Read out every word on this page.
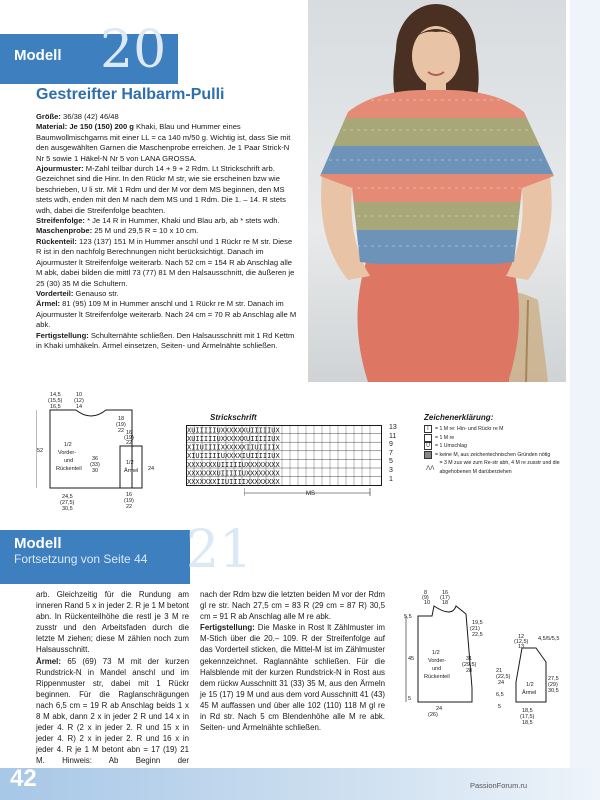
Modell 20
Gestreifter Halbarm-Pulli

Größe: 36/38 (42) 46/48

Material: Je 150 (150) 200 g Khaki, Blau und Hummer eines Baumwollmischgarns mit einer LL = ca 140 m/50 g. Wichtig ist, dass Sie mit den ausgewählten Garnen die Maschenprobe erreichen. Je 1 Paar Strick-N Nr 5 sowie 1 Häkel-N Nr 5 von LANA GROSSA.

Ajourmuster: M-Zahl teilbar durch 14 + 9 + 2 Rdm. Lt Strickschrift arb. Gezeichnet sind die Hinr. In den Rückr M str, wie sie erscheinen bzw wie beschrieben, U li str. Mit 1 Rdm und der M vor dem MS beginnen, den MS stets wdh, enden mit den M nach dem MS und 1 Rdm. Die 1. – 14. R stets wdh, dabei die Streifenfolge beachten.

Streifenfolge: * Je 14 R in Hummer, Khaki und Blau arb, ab * stets wdh.

Maschenprobe: 25 M und 29,5 R = 10 x 10 cm.

Rückenteil: 123 (137) 151 M in Hummer anschl und 1 Rückr re M str. Diese R ist in den nachfolg Berechnungen nicht berücksichtigt. Danach im Ajourmuster lt Streifenfolge weiterarb. Nach 52 cm = 154 R ab Anschlag alle M abk, dabei bilden die mittl 73 (77) 81 M den Halsausschnitt, die äußeren je 25 (30) 35 M die Schultern.

Vorderteil: Genauso str.

Ärmel: 81 (95) 109 M in Hummer anschl und 1 Rückr re M str. Danach im Ajourmuster lt Streifenfolge weiterarb. Nach 24 cm = 70 R ab Anschlag alle M abk.

Fertigstellung: Schulternähte schließen. Den Halsausschnitt mit 1 Rd Kettm in Khaki umhäkeln. Ärmel einsetzen, Seiten- und Ärmelnähte schließen.

14,5
(15,5)
16,5
10
(12)
14
18
(19)
22
52
36
(33)
30
1/2
Vorder-
und
Rückenteil
24,5
(27,5)
30,5
16
(19)
22
1/2
Ärmel 24
16
(19)
22
Strickschrift
XUIIIIIUXXXXXXUIIIIIUX
XUIIIIIUXXXXXXUIIIIIUX
XIIUIIIIXXXXXXIIUIIIIX
XIUIIIIIUXXXXIUIIIIIUX
XXXXXXXUIIIIIUXXXXXXXX
XXXXXXXUIIIIIUXXXXXXXX
XXXXXXXIIUIIIIXXXXXXXX
13
11
9
7
5
3
1
MS
Zeichenerklärung:
I	= 1 M re: Hin- und Rückr re M
= 1 M re
U = 1 Umschlag
= keine M, aus zeichentechnischen Gründen nötig
⋀⋀
= 3 M zus wie zum Re-str abh, 4 M re zusstr und die abgehobenen M darüberziehen
Modell
Fortsetzung von Seite 44 21
arb. Gleichzeitig für die Rundung am inneren Rand 5 x in jeder 2. R je 1 M betont abn. In Rückenteilhöhe die restl je 3 M re zusstr und den Arbeitsfaden durch die letzte M ziehen; diese M zählen noch zum Halsausschnitt.
Ärmel: 65 (69) 73 M mit der kurzen Rundstrick-N in Mandel anschl und im Rippenmuster str, dabei mit 1 Rückr beginnen. Für die Raglanschrägungen nach 6,5 cm = 19 R ab Anschlag beids 1 x 8 M abk, dann 2 x in jeder 2 R und 14 x in jeder 4. R (2 x in jeder 2. R und 15 x in jeder 4. R) 2 x in jeder 2. R und 16 x in jeder 4. R je 1 M betont abn = 17 (19) 21 M. Hinweis: Ab Beginn der
nach der Rdm bzw die letzten beiden M vor der Rdm gl re str. Nach 27,5 cm = 83 R (29 cm = 87 R) 30,5 cm = 91 R ab Anschlag alle M re abk.
Fertigstellung: Die Maske in Rost lt Zählmuster im M-Stich über die 20.– 109. R der Streifenfolge auf das Vorderteil sticken, die Mittel-M ist im Zählmuster gekennzeichnet. Raglannähte schließen. Für die Halsblende mit der kurzen Rundstrick-N in Rost aus dem rückw Ausschnitt 31 (33) 35 M, aus den Ärmeln je 15 (17) 19 M und aus dem vord Ausschnitt 41 (43) 45 M auffassen und über alle 102 (110) 118 M gl re in Rd str. Nach 5 cm Blendenhöhe alle M re abk. Seiten- und Ärmelnähte schließen.
8
(9)
10
16
(17)
18
5,5
19,5
(21)
22,5
45	31
(29,5)
28
1/2
Vorder-
und
Rückenteil
5
24
(26)
12
(12,5)
13
4,5/5/5,5
21
(22,5)
24
27,5
(29)
30,5
6,5
1/2
Ärmel
5
18,5
(17,5)
18,5
42	PassionForum.ru
